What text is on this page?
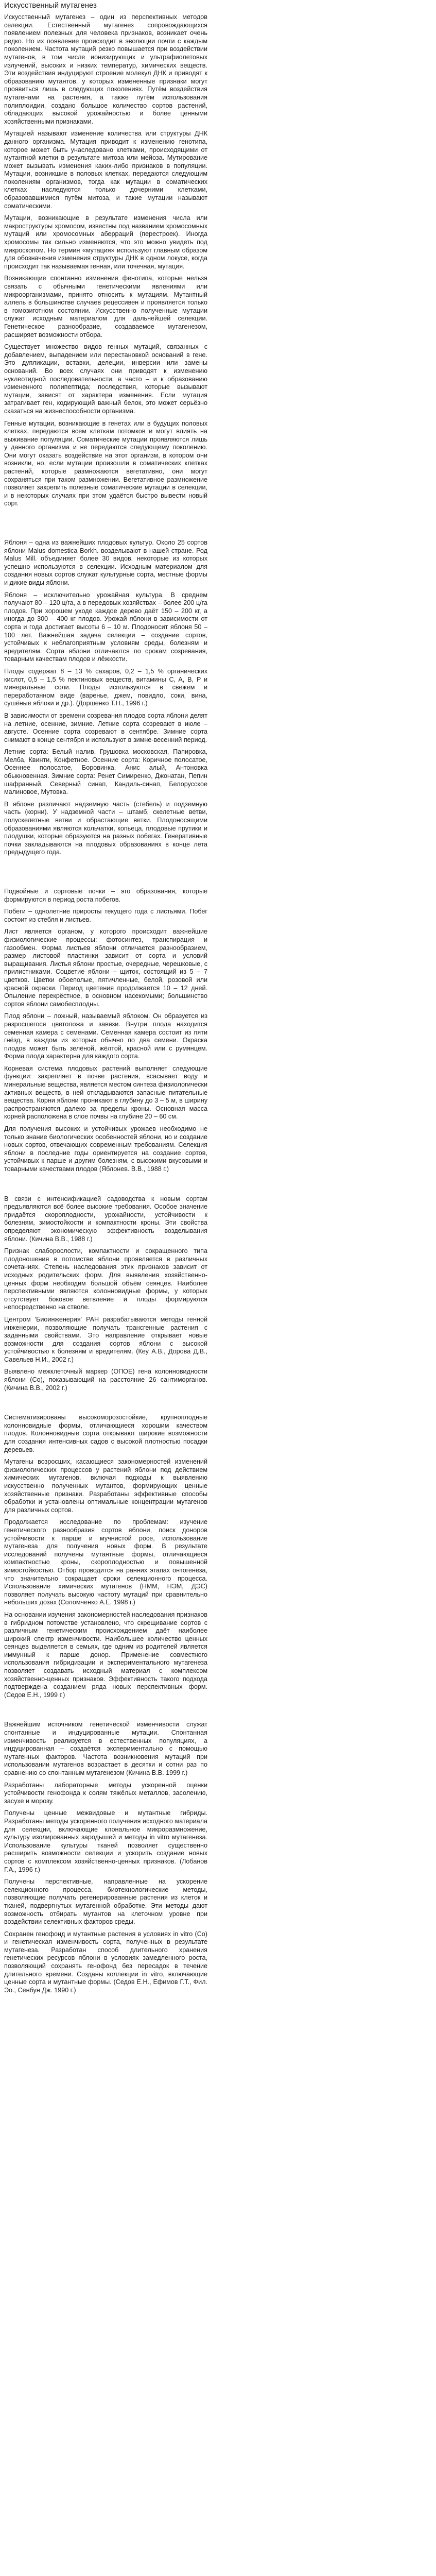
Искусственный мутагенез

Искусственный мутагенез – один из перспективных методов селекции. Естественный мутагенез сопровождающихся появлением полезных для человека признаков, возникает очень редко. Но их появление происходит в эволюции почти с каждым поколением. Частота мутаций резко повышается при воздействии мутагенов, в том числе ионизирующих и ультрафиолетовых излучений, высоких и низких температур, химических веществ. Эти воздействия индуцируют строение молекул ДНК и приводят к образованию мутантов, у которых измененные признаки могут проявиться лишь в следующих поколениях. Путём воздействия мутагенами на растения, а также путём использования полиплоидии, создано большое количество сортов растений, обладающих высокой урожайностью и более ценными хозяйственными признаками.

Мутацией называют изменение количества или структуры ДНК данного организма. Мутация приводит к изменению генотипа, которое может быть унаследовано клетками, происходящими от мутантной клетки в результате митоза или мейоза. Мутирование может вызывать изменения каких-либо признаков в популяции. Мутации, возникшие в половых клетках, передаются следующим поколениям организмов, тогда как мутации в соматических клетках наследуются только дочерними клетками, образовавшимися путём митоза, и такие мутации называют соматическими.

Мутации, возникающие в результате изменения числа или макроструктуры хромосом, известны под названием хромосомных мутаций или хромосомных аберраций (перестроек). Иногда хромосомы так сильно изменяются, что это можно увидеть под микроскопом. Но термин «мутация» используют главным образом для обозначения изменения структуры ДНК в одном локусе, когда происходит так называемая генная, или точечная, мутация.

Возникающие спонтанно изменения фенотипа, которые нельзя связать с обычными генетическими явлениями или микроорганизмами, принято относить к мутациям. Мутантный аллель в большинстве случаев рецессивен и проявляется только в гомозиготном состоянии. Искусственно полученные мутации служат исходным материалом для дальнейшей селекции. Генетическое разнообразие, создаваемое мутагенезом, расширяет возможности отбора.

Существует множество видов генных мутаций, связанных с добавлением, выпадением или перестановкой оснований в гене. Это дупликации, вставки, делеции, инверсии или замены оснований. Во всех случаях они приводят к изменению нуклеотидной последовательности, а часто – и к образованию измененного полипептида; последствия, которые вызывают мутации, зависят от характера изменения. Если мутация затрагивает ген, кодирующий важный белок, это может серьёзно сказаться на жизнеспособности организма.

Генные мутации, возникающие в генетах или в будущих половых клетках, передаются всем клеткам потомков и могут влиять на выживание популяции. Соматические мутации проявляются лишь у данного организма и не передаются следующему поколению. Они могут оказать воздействие на этот организм, в котором они возникли, но, если мутации произошли в соматических клетках растений, которые размножаются вегетативно, они могут сохраняться при таком размножении. Вегетативное размножение позволяет закрепить полезные соматические мутации в селекции, и в некоторых случаях при этом удаётся быстро вывести новый сорт.

Яблоня – одна из важнейших плодовых культур. Около 25 сортов яблони Malus domestica Borkh. возделывают в нашей стране. Род Malus Mill. объединяет более 30 видов, некоторые из которых успешно используются в селекции. Исходным материалом для создания новых сортов служат культурные сорта, местные формы и дикие виды яблони.

Яблоня – исключительно урожайная культура. В среднем получают 80 – 120 ц/га, а в передовых хозяйствах – более 200 ц/га плодов. При хорошем уходе каждое дерево даёт 150 – 200 кг, а иногда до 300 – 400 кг плодов. Урожай яблони в зависимости от сорта и года достигает высоты 6 – 10 м. Плодоносит яблоня 50 – 100 лет. Важнейшая задача селекции – создание сортов, устойчивых к неблагоприятным условиям среды, болезням и вредителям. Сорта яблони отличаются по срокам созревания, товарным качествам плодов и лёжкости.

Плоды содержат 8 – 13 % сахаров, 0,2 – 1,5 % органических кислот, 0,5 – 1,5 % пектиновых веществ, витамины C, A, B, P и минеральные соли. Плоды используются в свежем и переработанном виде (варенье, джем, повидло, соки, вина, сушёные яблоки и др.). (Доршенко Т.Н., 1996 г.)

В зависимости от времени созревания плодов сорта яблони делят на летние, осенние, зимние. Летние сорта созревают в июле – августе. Осенние сорта созревают в сентябре. Зимние сорта снимают в конце сентября и используют в зимне-весенний период.

Летние сорта: Белый налив, Грушовка московская, Папировка, Мелба, Квинти, Конфетное. Осенние сорта: Коричное полосатое, Осеннее полосатое, Боровинка, Анис алый, Антоновка обыкновенная. Зимние сорта: Ренет Симиренко, Джонатан, Пепин шафранный, Северный синап, Кандиль-синап, Белорусское малиновое, Мутовка.

В яблоне различают надземную часть (стебель) и подземную часть (корни). У надземной части – штамб, скелетные ветви, полускелетные ветви и обрастающие ветки. Плодоносящими образованиями являются кольчатки, копьеца, плодовые прутики и плодушки, которые образуются на разных побегах. Генеративные почки закладываются на плодовых образованиях в конце лета предыдущего года.

Подвойные и сортовые почки – это образования, которые формируются в период роста побегов.

Побеги – однолетние приросты текущего года с листьями. Побег состоит из стебля и листьев.

Лист является органом, у которого происходит важнейшие физиологические процессы: фотосинтез, транспирация и газообмен. Форма листьев яблони отличается разнообразием, размер листовой пластинки зависит от сорта и условий выращивания. Листья яблони простые, очередные, черешковые, с прилистниками. Соцветие яблони – щиток, состоящий из 5 – 7 цветков. Цветки обоеполые, пятичленные, белой, розовой или красной окраски. Период цветения продолжается 10 – 12 дней. Опыление перекрёстное, в основном насекомыми; большинство сортов яблони самобесплодны.

Плод яблони – ложный, называемый яблоком. Он образуется из разросшегося цветоложа и завязи. Внутри плода находится семенная камера с семенами. Семенная камера состоит из пяти гнёзд, в каждом из которых обычно по два семени. Окраска плодов может быть зелёной, жёлтой, красной или с румянцем. Форма плода характерна для каждого сорта.

Корневая система плодовых растений выполняет следующие функции: закрепляет в почве растения, всасывает воду и минеральные вещества, является местом синтеза физиологически активных веществ, в ней откладываются запасные питательные вещества. Корни яблони проникают в глубину до 3 – 5 м, в ширину распространяются далеко за пределы кроны. Основная масса корней расположена в слое почвы на глубине 20 – 60 см.

Для получения высоких и устойчивых урожаев необходимо не только знание биологических особенностей яблони, но и создание новых сортов, отвечающих современным требованиям. Селекция яблони в последние годы ориентируется на создание сортов, устойчивых к парше и другим болезням, с высокими вкусовыми и товарными качествами плодов (Яблонев. В.В., 1988 г.)

В связи с интенсификацией садоводства к новым сортам предъявляются всё более высокие требования. Особое значение придаётся скороплодности, урожайности, устойчивости к болезням, зимостойкости и компактности кроны. Эти свойства определяют экономическую эффективность возделывания яблони. (Кичина В.В., 1988 г.)

Признак слаборослости, компактности и сокращенного типа плодоношения в потомстве яблони проявляется в различных сочетаниях. Степень наследования этих признаков зависит от исходных родительских форм. Для выявления хозяйственно-ценных форм необходим большой объём сеянцев. Наиболее перспективными являются колонновидные формы, у которых отсутствует боковое ветвление и плоды формируются непосредственно на стволе.

Центром 'Биоинженерия' РАН разрабатываются методы генной инженерии, позволяющие получать трансгенные растения с заданными свойствами. Это направление открывает новые возможности для создания сортов яблони с высокой устойчивостью к болезням и вредителям. (Кеу А.В., Дорова Д.В., Савельев Н.И., 2002 г.)

Выявлено межклеточный маркер (ОПОЕ) гена колонновидности яблони (Co), показывающий на расстояние 26 сантиморганов. (Кичина В.В., 2002 г.)

Систематизированы высокоморозостойкие, крупноплодные колонновидные формы, отличающиеся хорошим качеством плодов. Колонновидные сорта открывают широкие возможности для создания интенсивных садов с высокой плотностью посадки деревьев.

Мутагены возросших, касающиеся закономерностей изменений физиологических процессов у растений яблони под действием химических мутагенов, включая подходы к выявлению искусственно полученных мутантов, формирующих ценные хозяйственные признаки. Разработаны эффективные способы обработки и установлены оптимальные концентрации мутагенов для различных сортов.

Продолжается исследование по проблемам: изучение генетического разнообразия сортов яблони, поиск доноров устойчивости к парше и мучнистой росе, использование мутагенеза для получения новых форм. В результате исследований получены мутантные формы, отличающиеся компактностью кроны, скороплодностью и повышенной зимостойкостью. Отбор проводится на ранних этапах онтогенеза, что значительно сокращает сроки селекционного процесса. Использование химических мутагенов (НММ, НЭМ, ДЭС) позволяет получать высокую частоту мутаций при сравнительно небольших дозах (Соломченко А.Е. 1998 г.)

На основании изучения закономерностей наследования признаков в гибридном потомстве установлено, что скрещивание сортов с различным генетическим происхождением даёт наиболее широкий спектр изменчивости. Наибольшее количество ценных сеянцев выделяется в семьях, где одним из родителей является иммунный к парше донор. Применение совместного использования гибридизации и экспериментального мутагенеза позволяет создавать исходный материал с комплексом хозяйственно-ценных признаков. Эффективность такого подхода подтверждена созданием ряда новых перспективных форм. (Седов Е.Н., 1999 г.)

Важнейшим источником генетической изменчивости служат спонтанные и индуцированные мутации. Спонтанная изменчивость реализуется в естественных популяциях, а индуцированная – создаётся экспериментально с помощью мутагенных факторов. Частота возникновения мутаций при использовании мутагенов возрастает в десятки и сотни раз по сравнению со спонтанным мутагенезом (Кичина В.В. 1999 г.)

Разработаны лабораторные методы ускоренной оценки устойчивости генофонда к солям тяжёлых металлов, засолению, засухе и морозу.

Получены ценные межвидовые и мутантные гибриды. Разработаны методы ускоренного получения исходного материала для селекции, включающие клональное микроразмножение, культуру изолированных зародышей и методы in vitro мутагенеза. Использование культуры тканей позволяет существенно расширить возможности селекции и ускорить создание новых сортов с комплексом хозяйственно-ценных признаков. (Лобанов Г.А., 1996 г.)

Получены перспективные, направленные на ускорение селекционного процесса, биотехнологические методы, позволяющие получать регенерированные растения из клеток и тканей, подвергнутых мутагенной обработке. Эти методы дают возможность отбирать мутантов на клеточном уровне при воздействии селективных факторов среды.

Сохранен генофонд и мутантные растения в условиях in vitro (Co) и генетическая изменчивость сорта, полученных в результате мутагенеза. Разработан способ длительного хранения генетических ресурсов яблони в условиях замедленного роста, позволяющий сохранять генофонд без пересадок в течение длительного времени. Созданы коллекции in vitro, включающие ценные сорта и мутантные формы. (Седов Е.Н., Ефимов Г.Т., Фил. Эо., Сенбун Дж. 1990 г.)
